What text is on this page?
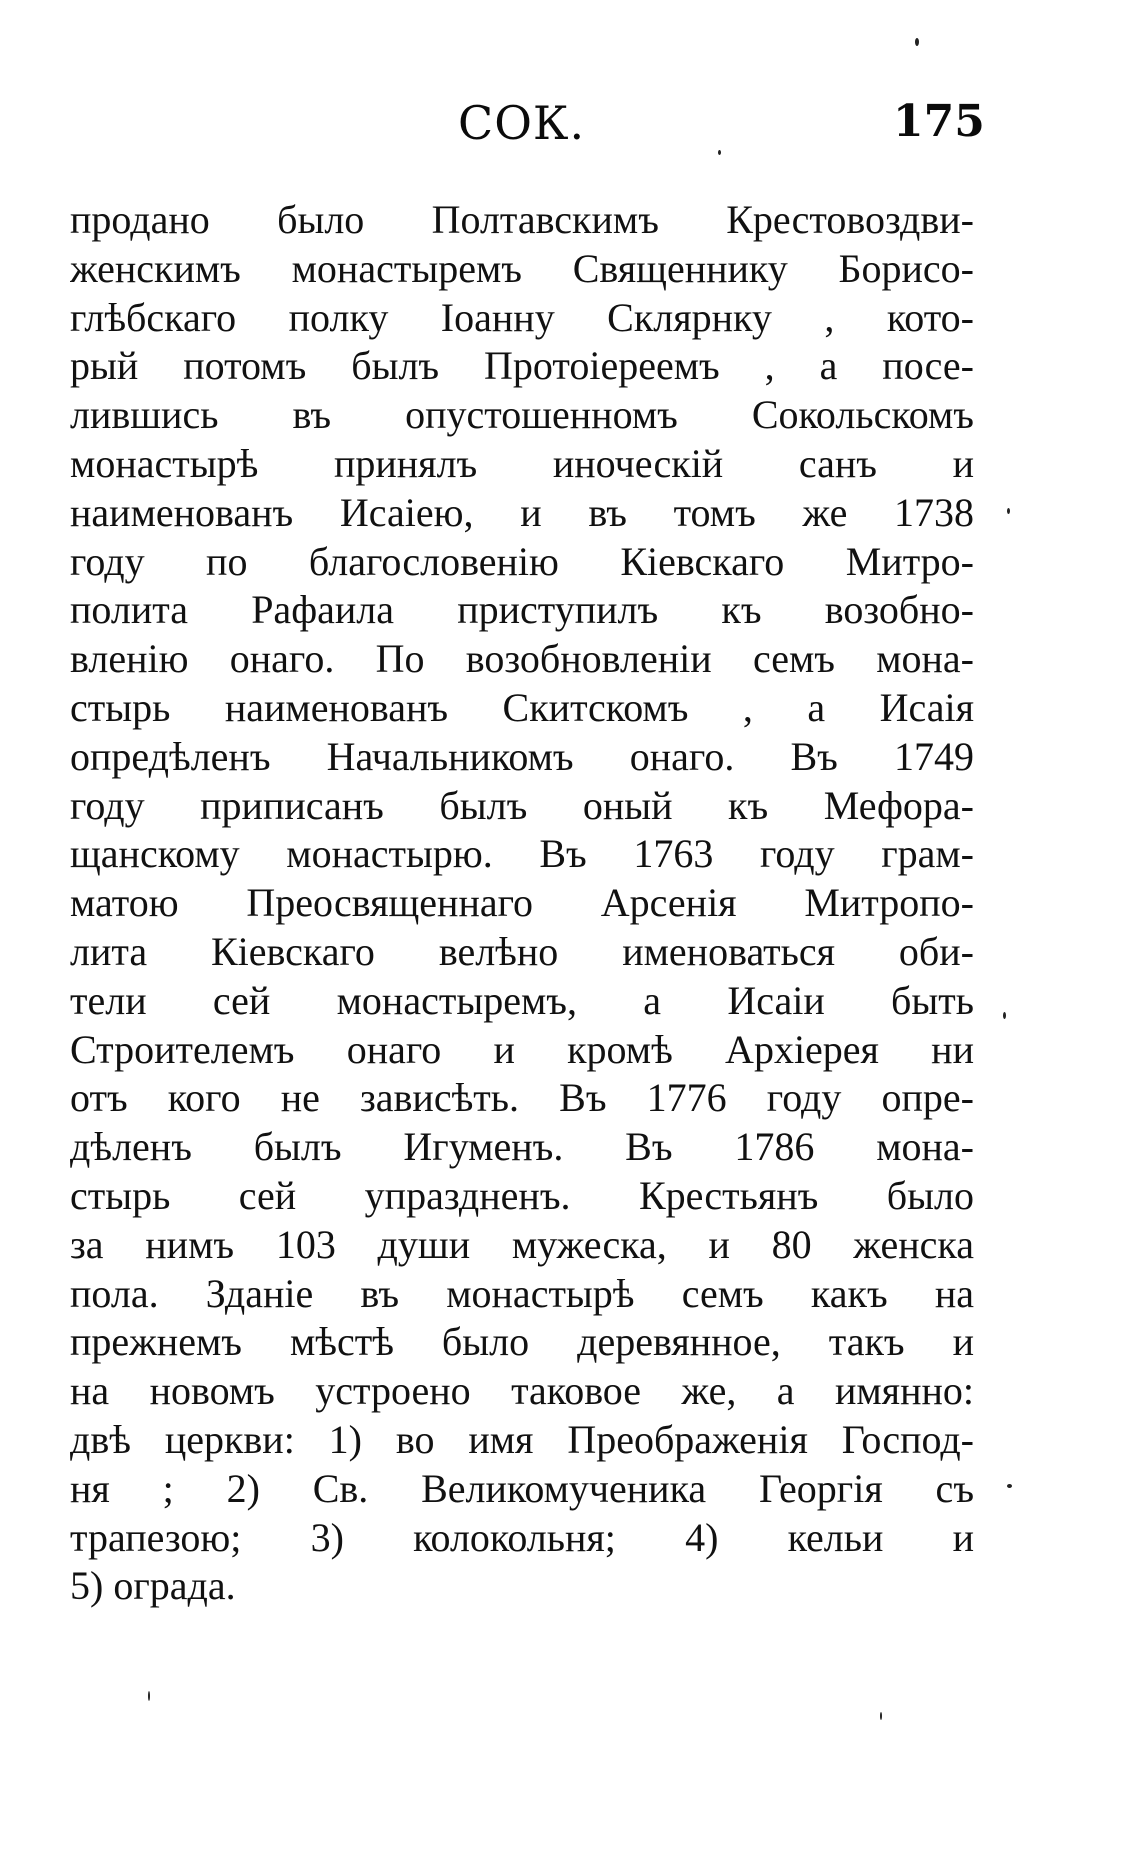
СОК.	175
продано было Полтавскимъ Крестовоздви-
женскимъ монастыремъ Священнику Борисо-
глѣбскаго полку Іоанну Склярнку , кото-
рый потомъ былъ Протоіереемъ , а посе-
лившись въ опустошенномъ Сокольскомъ
монастырѣ принялъ иноческій санъ и
наименованъ Исаіею, и въ томъ же 1738
году по благословенію Кіевскаго Митро-
полита Рафаила приступилъ къ возобно-
вленію онаго. По возобновленіи семъ мона-
стырь наименованъ Скитскомъ , а Исаія
опредѣленъ Начальникомъ онаго. Въ 1749
году приписанъ былъ оный къ Мефора-
щанскому монастырю. Въ 1763 году грам-
матою Преосвященнаго Арсенія Митропо-
лита Кіевскаго велѣно именоваться оби-
тели сей монастыремъ, а Исаіи быть
Строителемъ онаго и кромѣ Архіерея ни
отъ кого не зависѣть. Въ 1776 году опре-
дѣленъ былъ Игуменъ. Въ 1786 мона-
стырь сей упраздненъ. Крестьянъ было
за нимъ 103 души мужеска, и 80 женска
пола. Зданіе въ монастырѣ семъ какъ на
прежнемъ мѣстѣ было деревянное, такъ и
на новомъ устроено таковое же, а имянно:
двѣ церкви: 1) во имя Преображенія Господ-
ня ; 2) Св. Великомученика Георгія съ
трапезою; 3) колокольня; 4) кельи и
5) ограда.
